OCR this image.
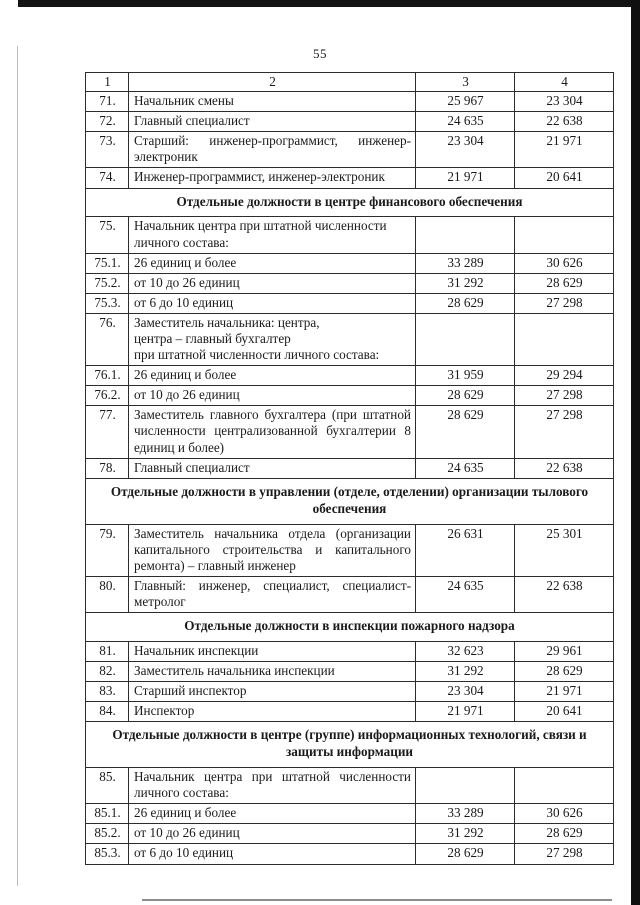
55
1	2	3	4
71.	Начальник смены	25 967	23 304
72.	Главный специалист	24 635	22 638
73.	Старший: инженер-программист, инженер-электроник	23 304	21 971
74.	Инженер-программист, инженер-электроник	21 971	20 641
Отдельные должности в центре финансового обеспечения			
75.	Начальник центра при штатной численности
личного состава:		
75.1.	26 единиц и более	33 289	30 626
75.2.	от 10 до 26 единиц	31 292	28 629
75.3.	от 6 до 10 единиц	28 629	27 298
76.	Заместитель начальника: центра,
центра – главный бухгалтер
при штатной численности личного состава:		
76.1.	26 единиц и более	31 959	29 294
76.2.	от 10 до 26 единиц	28 629	27 298
77.	Заместитель главного бухгалтера (при штатной численности централизованной бухгалтерии 8 единиц и более)	28 629	27 298
78.	Главный специалист	24 635	22 638
Отдельные должности в управлении (отделе, отделении) организации тылового обеспечения			
79.	Заместитель начальника отдела (организации капитального строительства и капитального ремонта) – главный инженер	26 631	25 301
80.	Главный: инженер, специалист, специалист-метролог	24 635	22 638
Отдельные должности в инспекции пожарного надзора			
81.	Начальник инспекции	32 623	29 961
82.	Заместитель начальника инспекции	31 292	28 629
83.	Старший инспектор	23 304	21 971
84.	Инспектор	21 971	20 641
Отдельные должности в центре (группе) информационных технологий, связи и защиты информации			
85.	Начальник центра при штатной численности личного состава:		
85.1.	26 единиц и более	33 289	30 626
85.2.	от 10 до 26 единиц	31 292	28 629
85.3.	от 6 до 10 единиц	28 629	27 298
